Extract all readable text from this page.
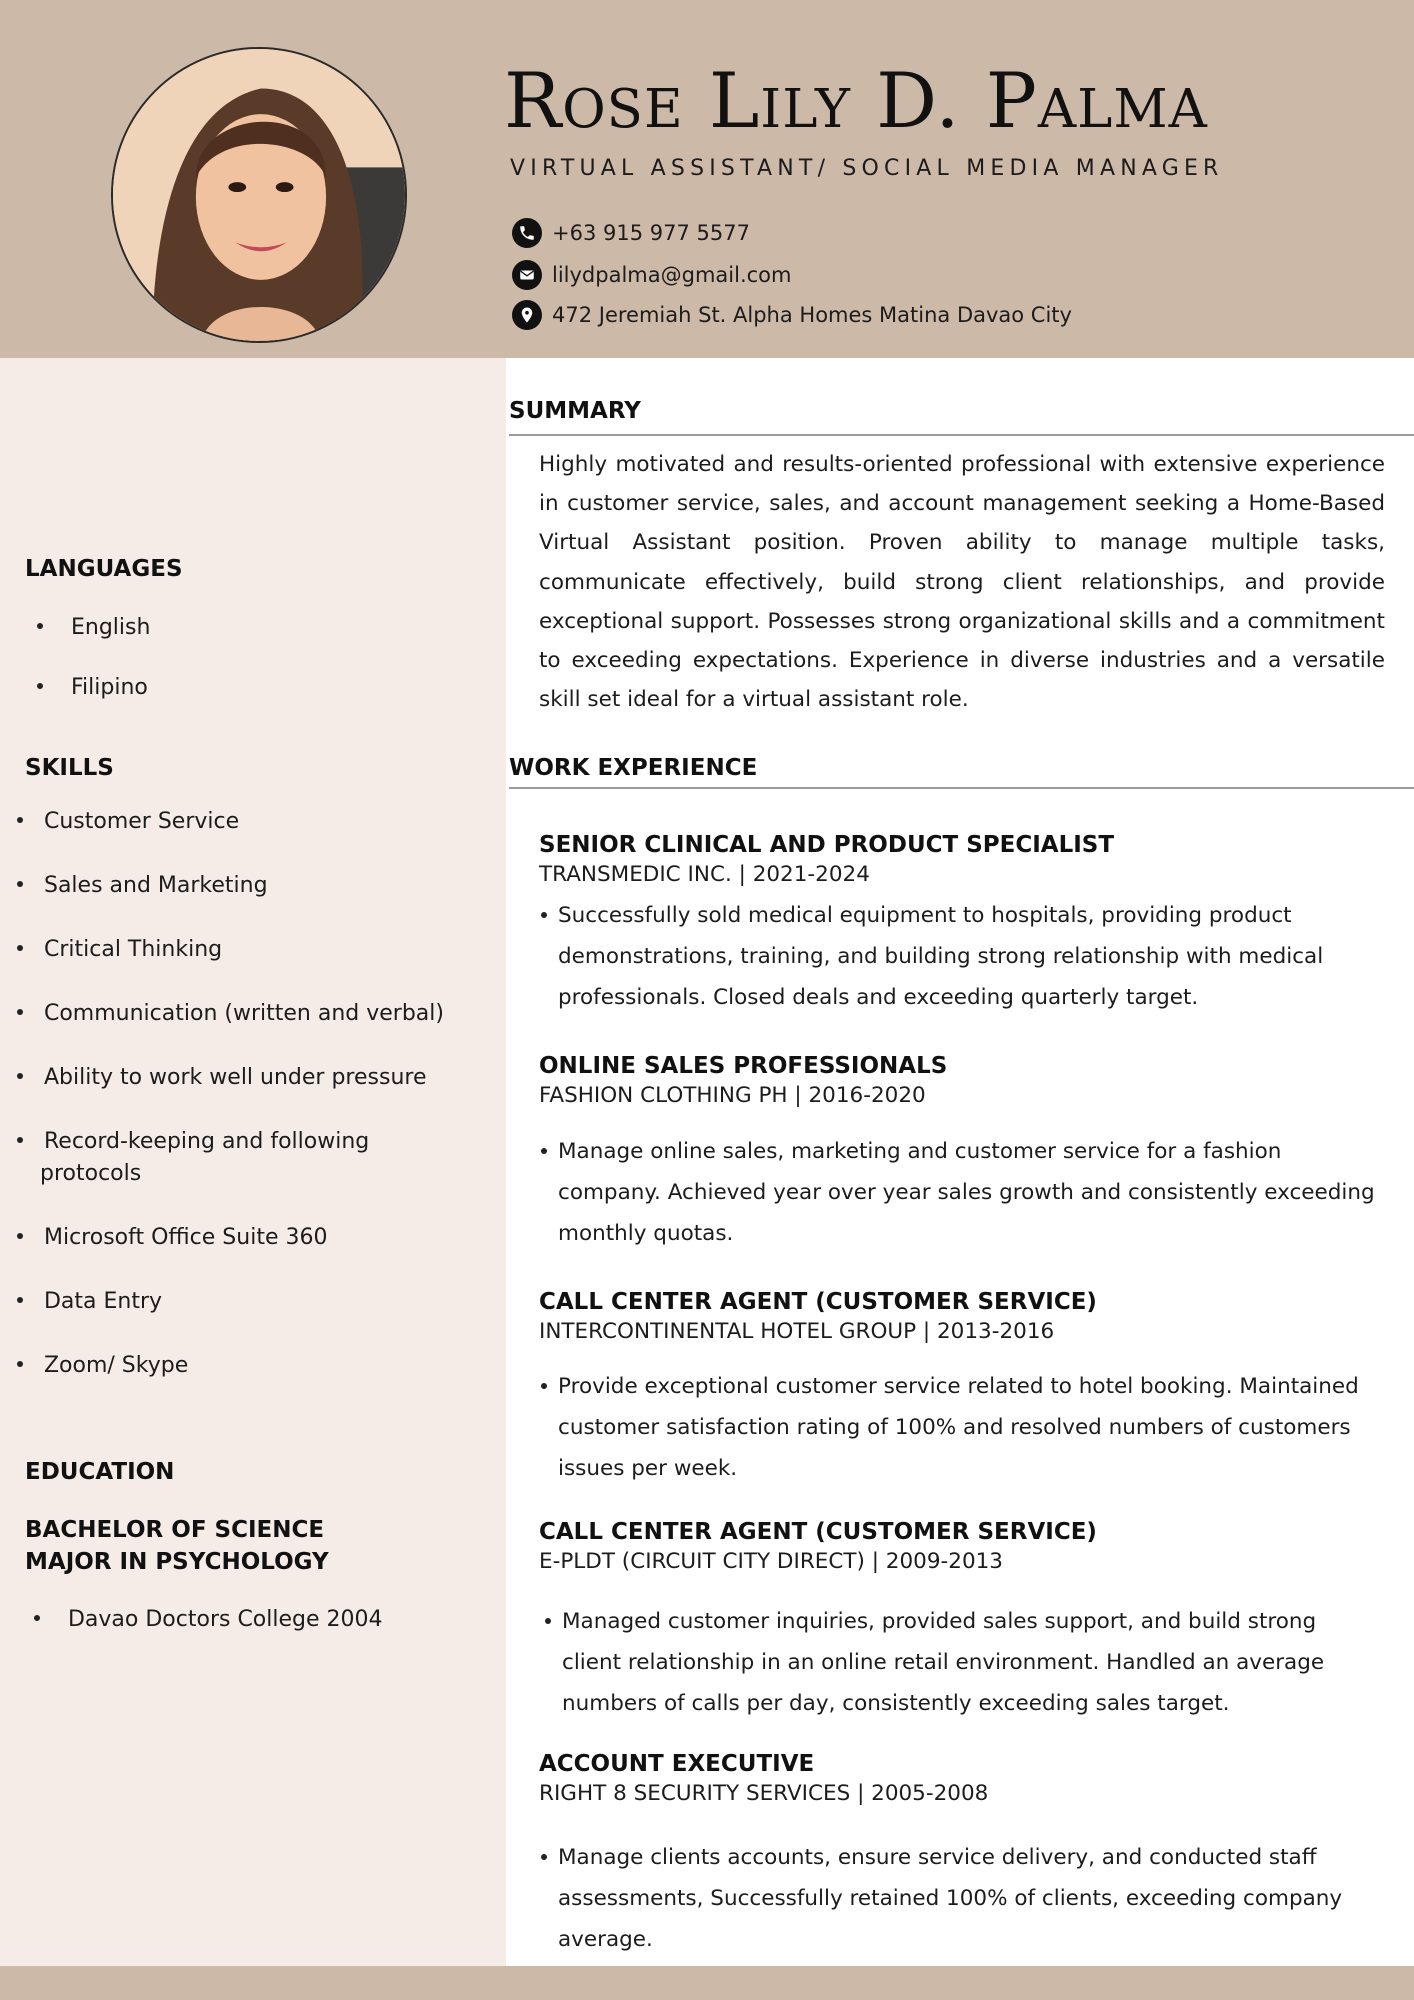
Rose Lily D. Palma
VIRTUAL ASSISTANT/ SOCIAL MEDIA MANAGER
+63 915 977 5577
lilydpalma@gmail.com
472 Jeremiah St. Alpha Homes Matina Davao City
LANGUAGES
English
Filipino
SKILLS
Customer Service
Sales and Marketing
Critical Thinking
Communication (written and verbal)
Ability to work well under pressure
Record-keeping and following
protocols
Microsoft Office Suite 360
Data Entry
Zoom/ Skype
EDUCATION
BACHELOR OF SCIENCE
MAJOR IN PSYCHOLOGY
Davao Doctors College 2004
SUMMARY
Highly motivated and results-oriented professional with extensive experience in customer service, sales, and account management seeking a Home-Based Virtual Assistant position. Proven ability to manage multiple tasks, communicate effectively, build strong client relationships, and provide exceptional support. Possesses strong organizational skills and a commitment to exceeding expectations. Experience in diverse industries and a versatile skill set ideal for a virtual assistant role.
WORK EXPERIENCE
SENIOR CLINICAL AND PRODUCT SPECIALIST
TRANSMEDIC INC. | 2021-2024
Successfully sold medical equipment to hospitals, providing product demonstrations, training, and building strong relationship with medical professionals. Closed deals and exceeding quarterly target.
ONLINE SALES PROFESSIONALS
FASHION CLOTHING PH | 2016-2020
Manage online sales, marketing and customer service for a fashion company. Achieved year over year sales growth and consistently exceeding monthly quotas.
CALL CENTER AGENT (CUSTOMER SERVICE)
INTERCONTINENTAL HOTEL GROUP | 2013-2016
Provide exceptional customer service related to hotel booking. Maintained customer satisfaction rating of 100% and resolved numbers of customers issues per week.
CALL CENTER AGENT (CUSTOMER SERVICE)
E-PLDT (CIRCUIT CITY DIRECT) | 2009-2013
Managed customer inquiries, provided sales support, and build strong client relationship in an online retail environment. Handled an average numbers of calls per day, consistently exceeding sales target.
ACCOUNT EXECUTIVE
RIGHT 8 SECURITY SERVICES | 2005-2008
Manage clients accounts, ensure service delivery, and conducted staff assessments, Successfully retained 100% of clients, exceeding company average.
